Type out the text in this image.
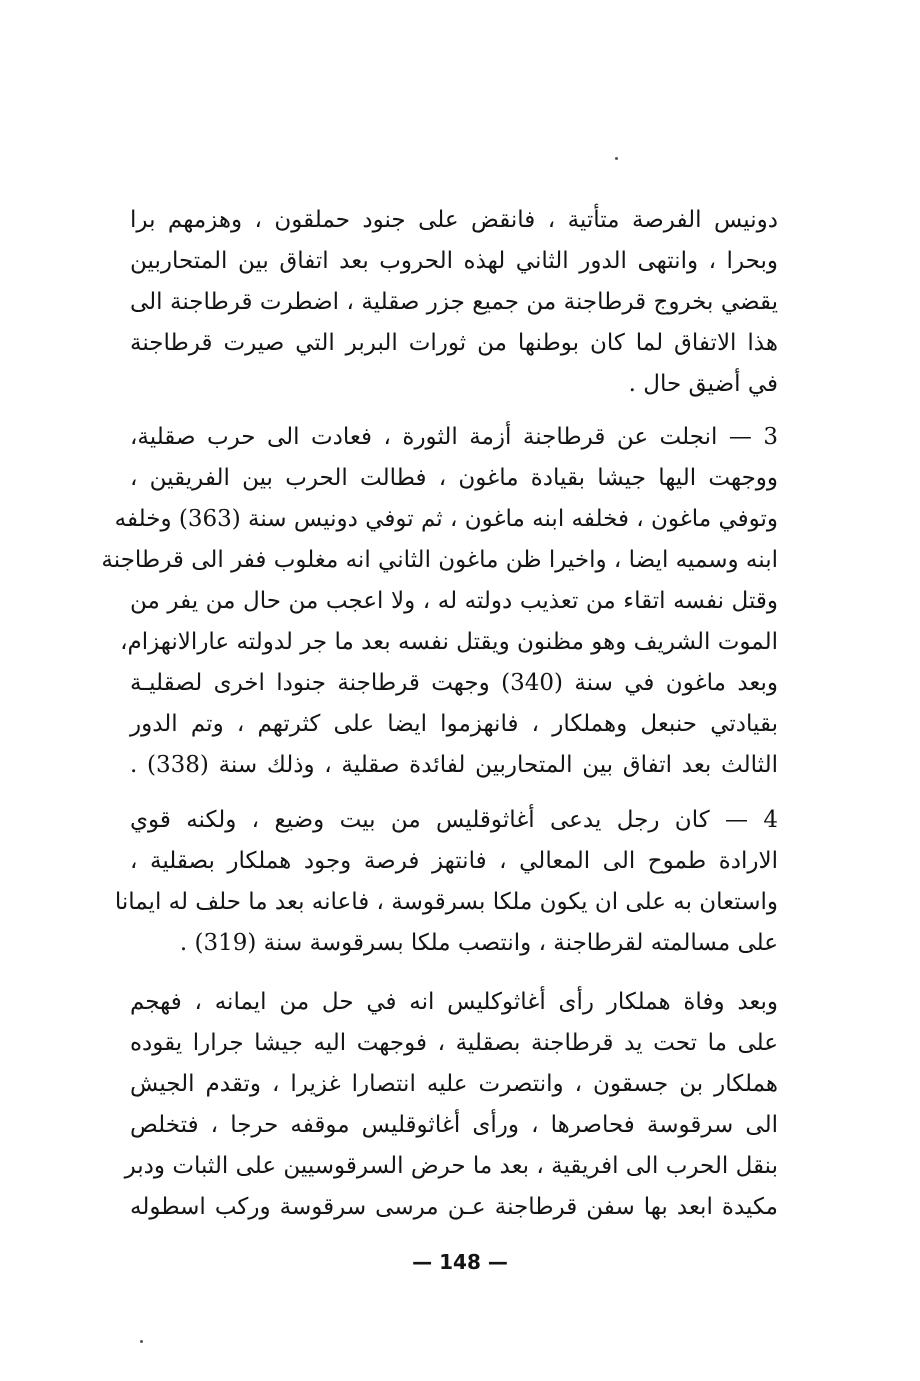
دونيس الفرصة متأتية ، فانقض على جنود حملقون ، وهزمهم برا
وبحرا ، وانتهى الدور الثاني لهذه الحروب بعد اتفاق بين المتحاربين
يقضي بخروج قرطاجنة من جميع جزر صقلية ، اضطرت قرطاجنة الى
هذا الاتفاق لما كان بوطنها من ثورات البربر التي صيرت قرطاجنة
في أضيق حال .
3 — انجلت عن قرطاجنة أزمة الثورة ، فعادت الى حرب صقلية،
ووجهت اليها جيشا بقيادة ماغون ، فطالت الحرب بين الفريقين ،
وتوفي ماغون ، فخلفه ابنه ماغون ، ثم توفي دونيس سنة (363) وخلفه
ابنه وسميه ايضا ، واخيرا ظن ماغون الثاني انه مغلوب ففر الى قرطاجنة
وقتل نفسه اتقاء من تعذيب دولته له ، ولا اعجب من حال من يفر من
الموت الشريف وهو مظنون ويقتل نفسه بعد ما جر لدولته عارالانهزام،
وبعد ماغون في سنة (340) وجهت قرطاجنة جنودا اخرى لصقليـة
بقيادتي حنبعل وهملكار ، فانهزموا ايضا على كثرتهم ، وتم الدور
الثالث بعد اتفاق بين المتحاربين لفائدة صقلية ، وذلك سنة (338) .
4 — كان رجل يدعى أغاثوقليس من بيت وضيع ، ولكنه قوي
الارادة طموح الى المعالي ، فانتهز فرصة وجود هملكار بصقلية ،
واستعان به على ان يكون ملكا بسرقوسة ، فاعانه بعد ما حلف له ايمانا
على مسالمته لقرطاجنة ، وانتصب ملكا بسرقوسة سنة (319) .
وبعد وفاة هملكار رأى أغاثوكليس انه في حل من ايمانه ، فهجم
على ما تحت يد قرطاجنة بصقلية ، فوجهت اليه جيشا جرارا يقوده
هملكار بن جسقون ، وانتصرت عليه انتصارا غزيرا ، وتقدم الجيش
الى سرقوسة فحاصرها ، ورأى أغاثوقليس موقفه حرجا ، فتخلص
بنقل الحرب الى افريقية ، بعد ما حرض السرقوسيين على الثبات ودبر
مكيدة ابعد بها سفن قرطاجنة عـن مرسى سرقوسة وركب اسطوله
— 148 —
